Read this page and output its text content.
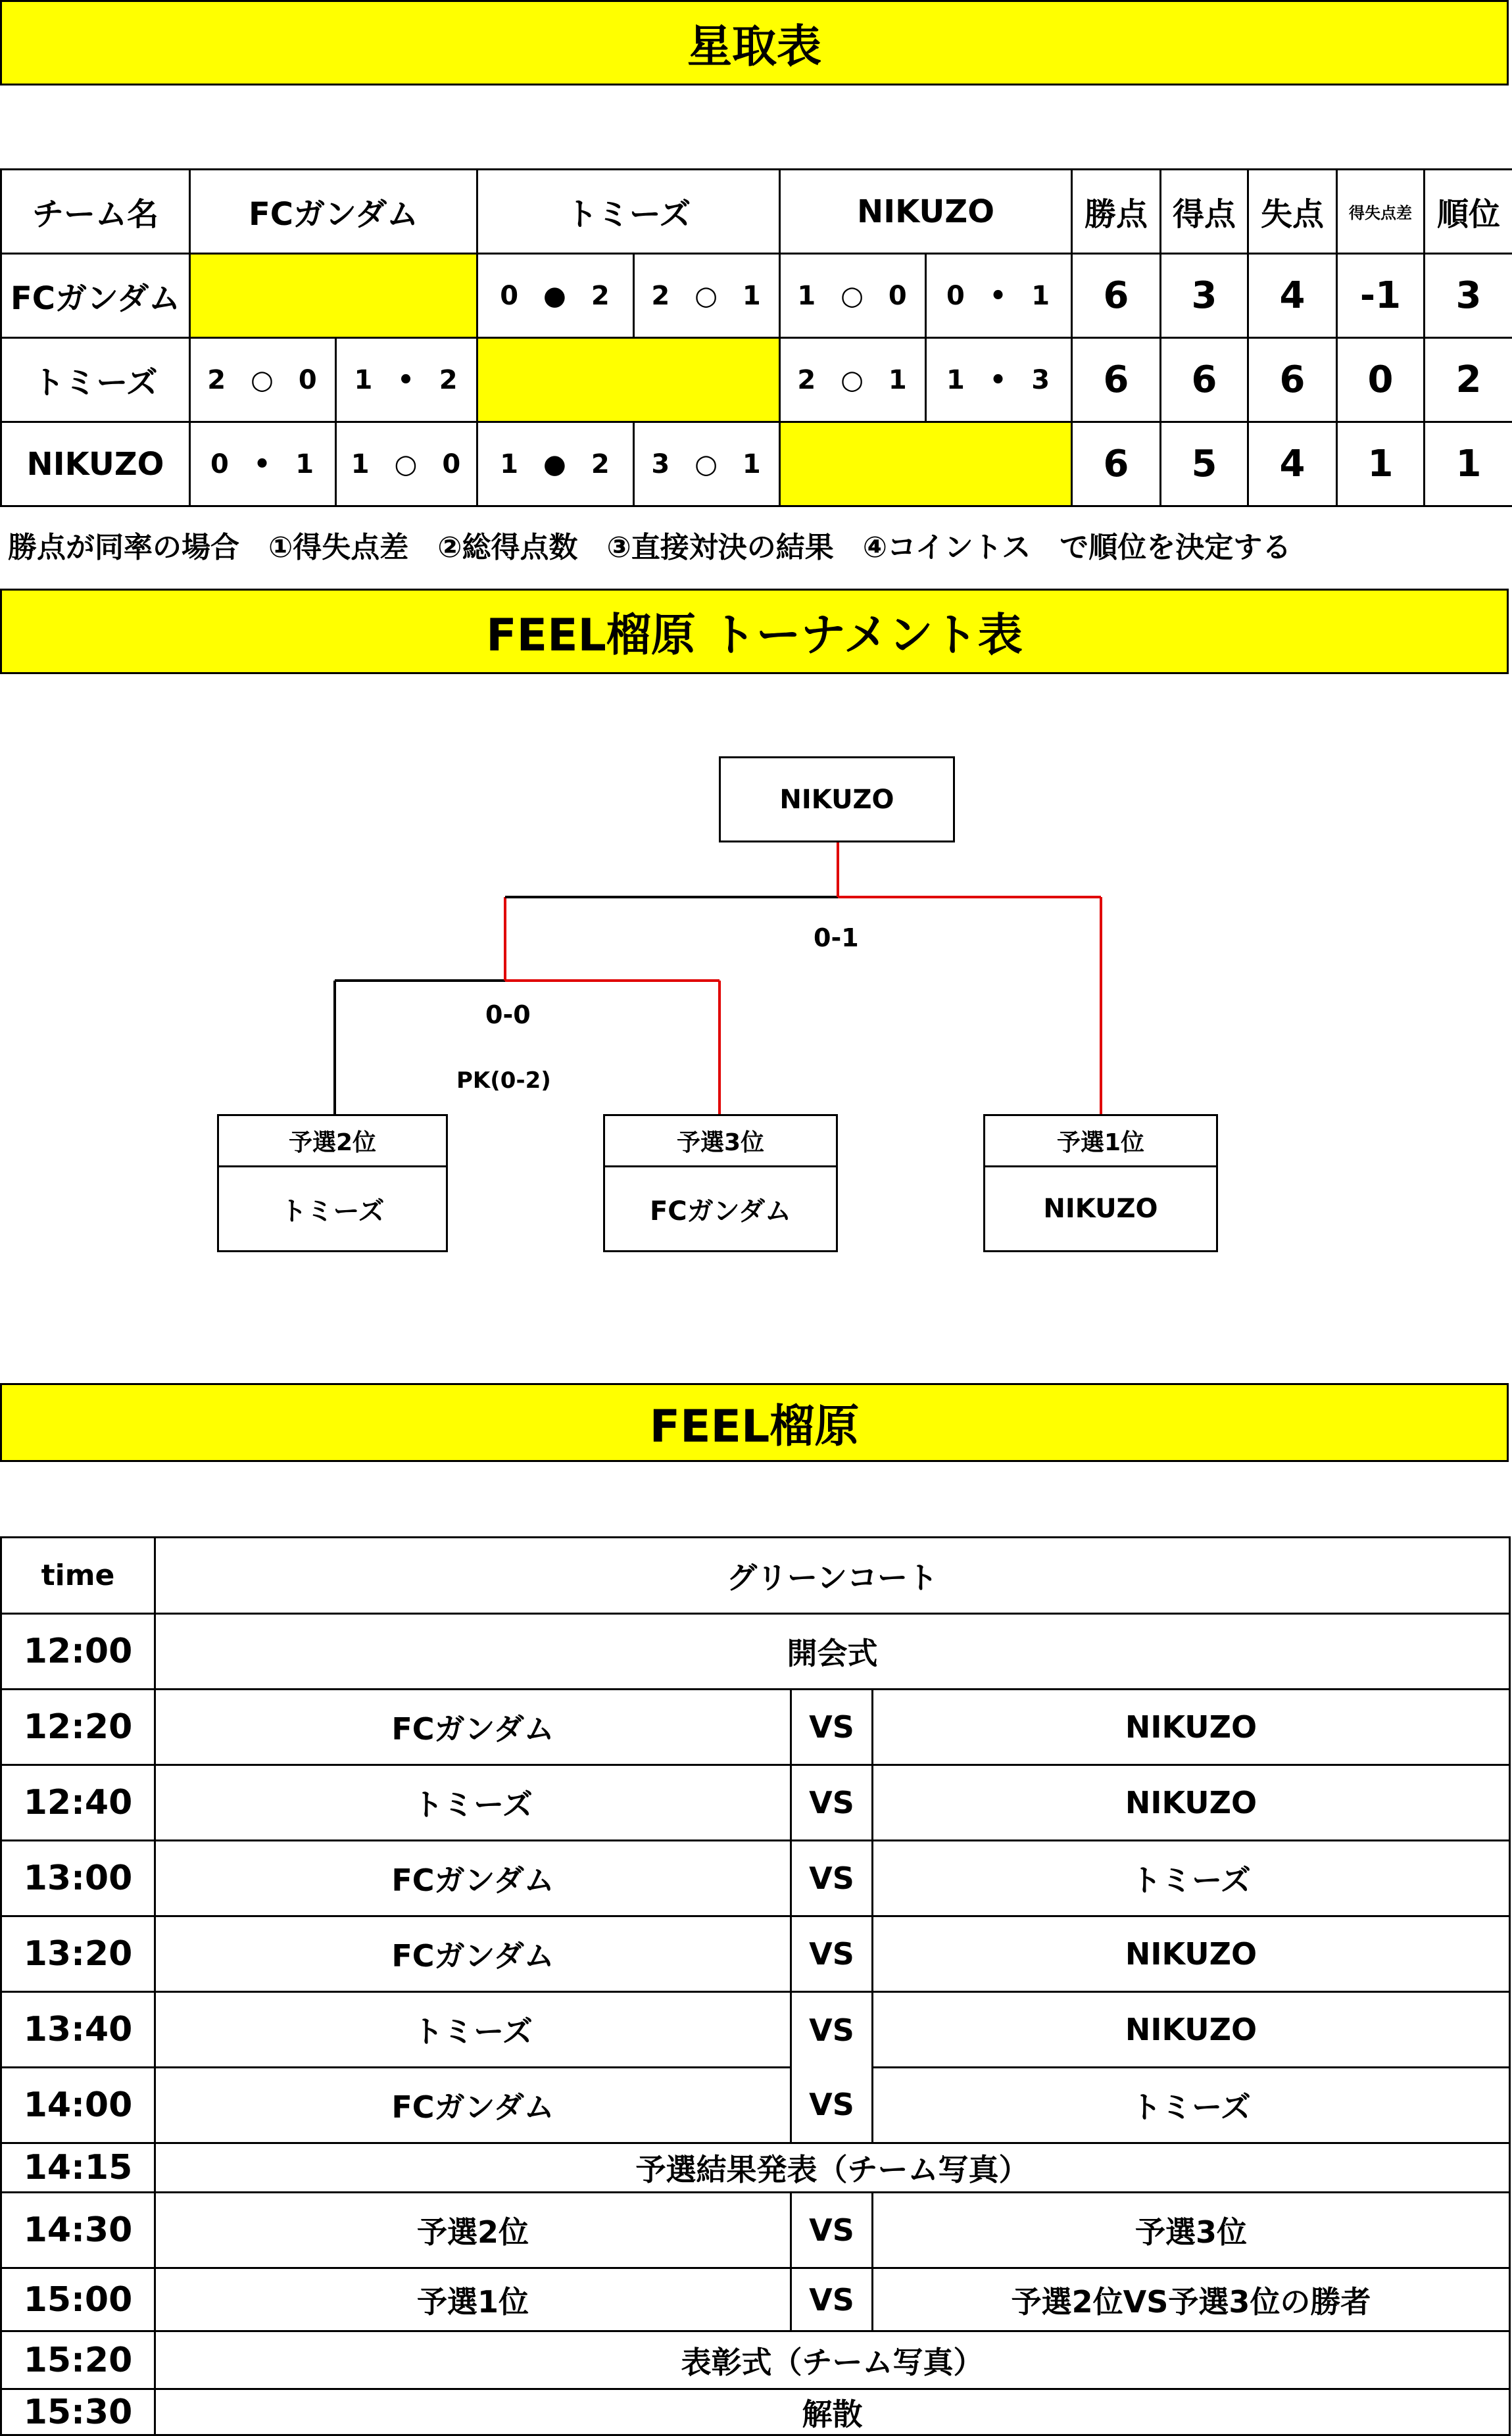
星取表
チーム名	FCガンダム		トミーズ		NIKUZO		勝点	得点	失点	得失点差	順位
FCガンダム			0 ● 2	2 ○ 1	1 ○ 0	0 • 1	6	3	4	-1	3
トミーズ	2 ○ 0	1 • 2			2 ○ 1	1 • 3	6	6	6	0	2
NIKUZO	0 • 1	1 ○ 0	1 ● 2	3 ○ 1			6	5	4	1	1
勝点が同率の場合　①得失点差　②総得点数　③直接対決の結果　④コイントス　で順位を決定する
FEEL榴原 トーナメント表
NIKUZO
0-1
0-0
PK(0-2)
予選2位
トミーズ
予選3位
FCガンダム
予選1位
NIKUZO
FEEL榴原
time	グリーンコート		
12:00	開会式		
12:20	FCガンダム	VS	NIKUZO
12:40	トミーズ	VS	NIKUZO
13:00	FCガンダム	VS	トミーズ
13:20	FCガンダム	VS	NIKUZO
13:40	トミーズ	VS	NIKUZO
14:00	FCガンダム	VS	トミーズ
14:15	予選結果発表（チーム写真）		
14:30	予選2位	VS	予選3位
15:00	予選1位	VS	予選2位VS予選3位の勝者
15:20	表彰式（チーム写真）		
15:30	解散		
